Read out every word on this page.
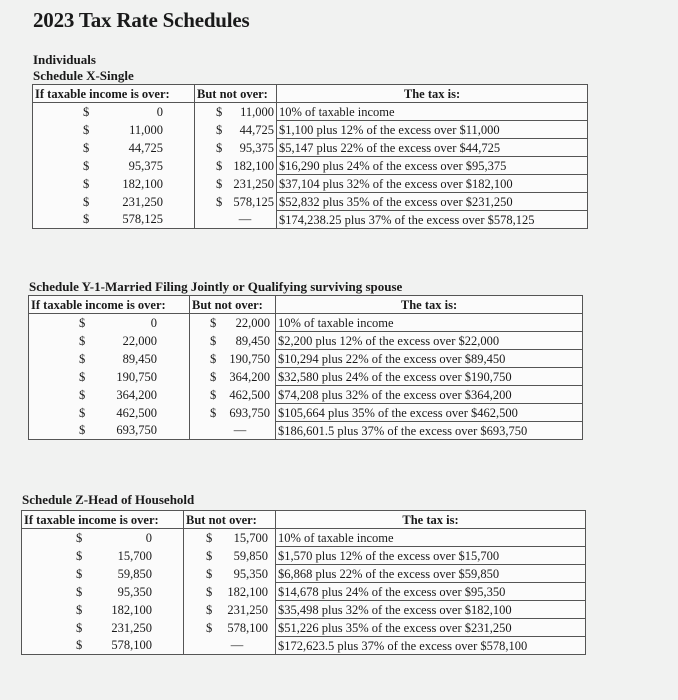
2023 Tax Rate Schedules
Individuals
Schedule X-Single
If taxable income is over:	But not over:	The tax is:

$ 0	$ 11,000	10% of taxable income

$ 11,000	$ 44,725	$1,100 plus 12% of the excess over $11,000

$ 44,725	$ 95,375	$5,147 plus 22% of the excess over $44,725

$ 95,375	$ 182,100	$16,290 plus 24% of the excess over $95,375

$ 182,100	$ 231,250	$37,104 plus 32% of the excess over $182,100

$ 231,250	$ 578,125	$52,832 plus 35% of the excess over $231,250

$ 578,125	—	$174,238.25 plus 37% of the excess over $578,125
Schedule Y-1-Married Filing Jointly or Qualifying surviving spouse
If taxable income is over:	But not over:	The tax is:

$ 0	$ 22,000	10% of taxable income

$ 22,000	$ 89,450	$2,200 plus 12% of the excess over $22,000

$ 89,450	$ 190,750	$10,294 plus 22% of the excess over $89,450

$ 190,750	$ 364,200	$32,580 plus 24% of the excess over $190,750

$ 364,200	$ 462,500	$74,208 plus 32% of the excess over $364,200

$ 462,500	$ 693,750	$105,664 plus 35% of the excess over $462,500

$ 693,750	—	$186,601.5 plus 37% of the excess over $693,750
Schedule Z-Head of Household
If taxable income is over:	But not over:	The tax is:

$ 0	$ 15,700	10% of taxable income

$ 15,700	$ 59,850	$1,570 plus 12% of the excess over $15,700

$ 59,850	$ 95,350	$6,868 plus 22% of the excess over $59,850

$ 95,350	$ 182,100	$14,678 plus 24% of the excess over $95,350

$ 182,100	$ 231,250	$35,498 plus 32% of the excess over $182,100

$ 231,250	$ 578,100	$51,226 plus 35% of the excess over $231,250

$ 578,100	—	$172,623.5 plus 37% of the excess over $578,100
